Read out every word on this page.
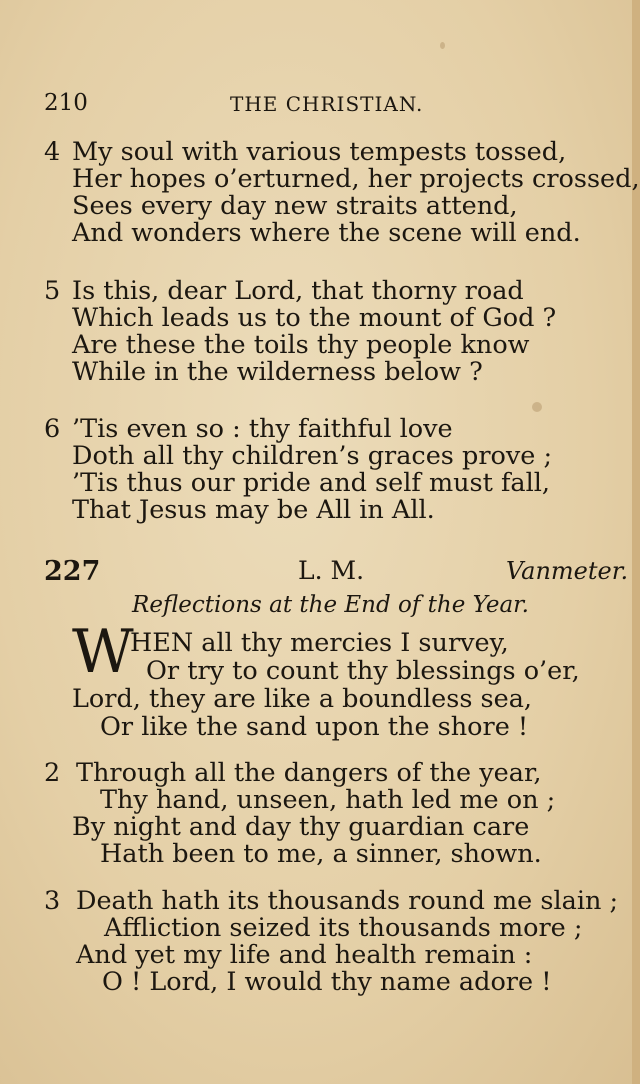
210	THE CHRISTIAN.
4 My soul with various tempests tossed,
Her hopes o’erturned, her projects crossed,
Sees every day new straits attend,
And wonders where the scene will end.
5 Is this, dear Lord, that thorny road
Which leads us to the mount of God ?
Are these the toils thy people know
While in the wilderness below ?
6 ’Tis even so : thy faithful love
Doth all thy children’s graces prove ;
’Tis thus our pride and self must fall,
That Jesus may be All in All.
227	L. M.	Vanmeter.
Reflections at the End of the Year.
W
HEN all thy mercies I survey,
Or try to count thy blessings o’er,
Lord, they are like a boundless sea,
Or like the sand upon the shore !
2 Through all the dangers of the year,
Thy hand, unseen, hath led me on ;
By night and day thy guardian care
Hath been to me, a sinner, shown.
3 Death hath its thousands round me slain ;
Affliction seized its thousands more ;
And yet my life and health remain :
O ! Lord, I would thy name adore !
